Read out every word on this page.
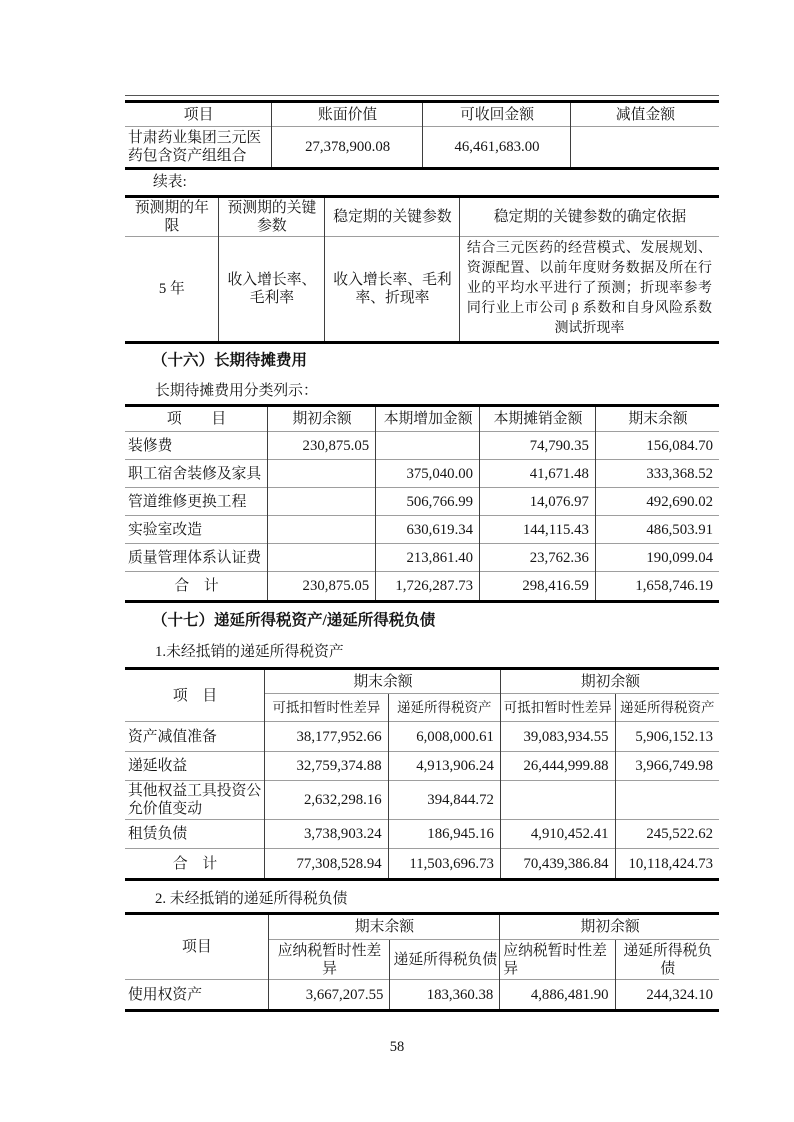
项目	账面价值	可收回金额	减值金额
甘肃药业集团三元医药包含资产组组合	27,378,900.08	46,461,683.00	
续表:
预测期的年限	预测期的关键参数	稳定期的关键参数	稳定期的关键参数的确定依据
5 年	收入增长率、毛利率	收入增长率、毛利率、折现率	结合三元医药的经营模式、发展规划、资源配置、以前年度财务数据及所在行业的平均水平进行了预测；折现率参考同行业上市公司 β 系数和自身风险系数测试折现率
（十六）长期待摊费用
长期待摊费用分类列示：
项　　目	期初余额	本期增加金额	本期摊销金额	期末余额
装修费	230,875.05		74,790.35	156,084.70
职工宿舍装修及家具		375,040.00	41,671.48	333,368.52
管道维修更换工程		506,766.99	14,076.97	492,690.02
实验室改造		630,619.34	144,115.43	486,503.91
质量管理体系认证费		213,861.40	23,762.36	190,099.04
合　计	230,875.05	1,726,287.73	298,416.59	1,658,746.19
（十七）递延所得税资产/递延所得税负债
1.未经抵销的递延所得税资产
项　目	期末余额		期初余额	
	可抵扣暂时性差异	递延所得税资产	可抵扣暂时性差异	递延所得税资产
资产减值准备	38,177,952.66	6,008,000.61	39,083,934.55	5,906,152.13
递延收益	32,759,374.88	4,913,906.24	26,444,999.88	3,966,749.98
其他权益工具投资公允价值变动	2,632,298.16	394,844.72		
租赁负债	3,738,903.24	186,945.16	4,910,452.41	245,522.62
合　计	77,308,528.94	11,503,696.73	70,439,386.84	10,118,424.73
2. 未经抵销的递延所得税负债
项目	期末余额		期初余额	
	应纳税暂时性差异	递延所得税负债	应纳税暂时性差异	递延所得税负债
使用权资产	3,667,207.55	183,360.38	4,886,481.90	244,324.10
58
